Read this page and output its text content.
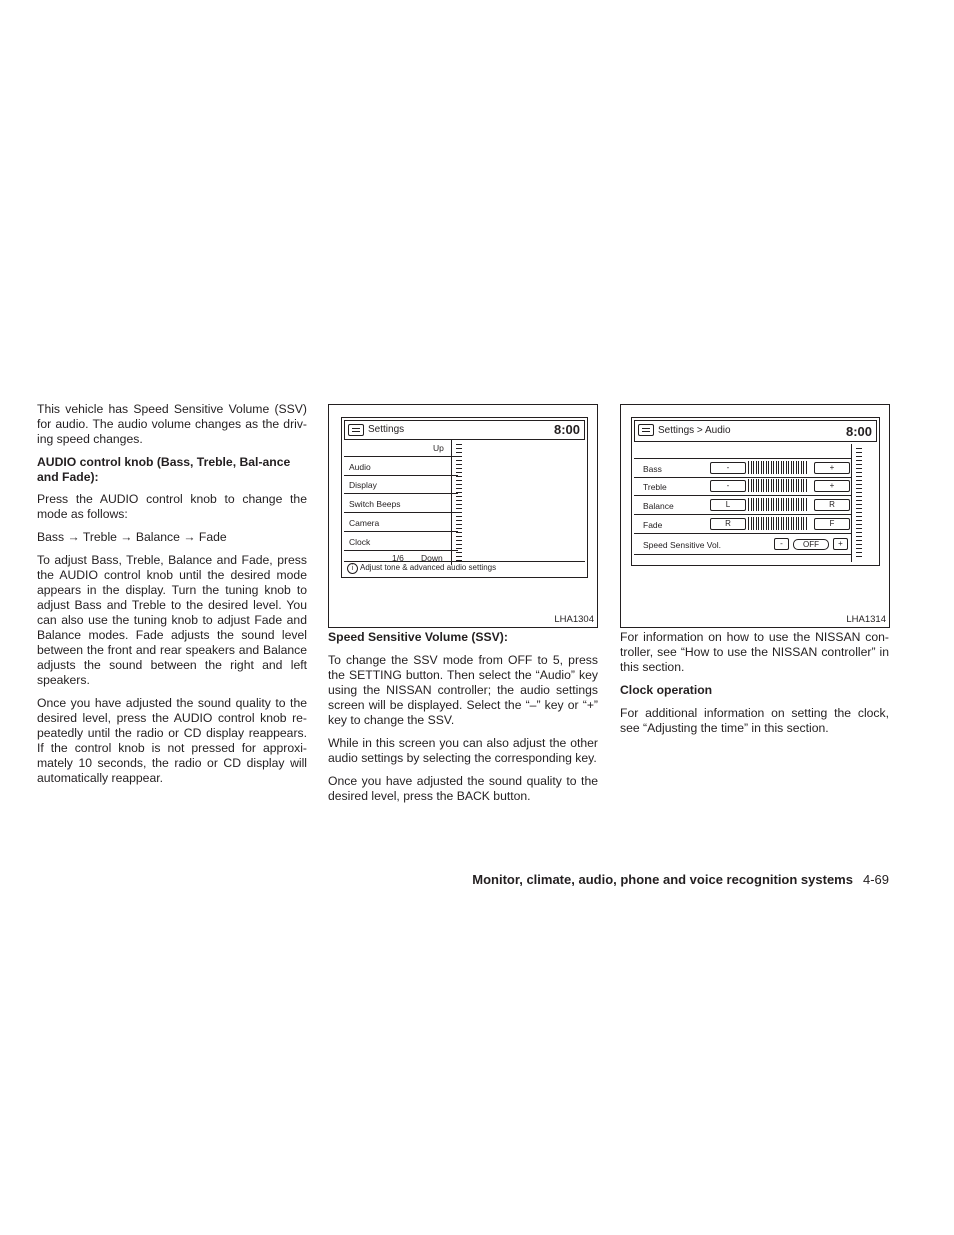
This vehicle has Speed Sensitive Volume (SSV) for audio. The audio volume changes as the driv-ing speed changes.

AUDIO control knob (Bass, Treble, Bal-ance and Fade):

Press the AUDIO control knob to change the mode as follows:

Bass → Treble → Balance → Fade

To adjust Bass, Treble, Balance and Fade, press the AUDIO control knob until the desired mode appears in the display. Turn the tuning knob to adjust Bass and Treble to the desired level. You can also use the tuning knob to adjust Fade and Balance modes. Fade adjusts the sound level between the front and rear speakers and Balance adjusts the sound between the right and left speakers.

Once you have adjusted the sound quality to the desired level, press the AUDIO control knob re-peatedly until the radio or CD display reappears. If the control knob is not pressed for approxi-mately 10 seconds, the radio or CD display will automatically reappear.

Settings	8:00
Up
Audio
Display
Switch Beeps
Camera
Clock
1/6 Down
i Adjust tone & advanced audio settings
LHA1304
Settings > Audio	8:00
Bass	-	+
Treble	-	+
Balance	L	R
Fade	R	F
Speed Sensitive Vol.	-	OFF	+
LHA1314
Speed Sensitive Volume (SSV):

To change the SSV mode from OFF to 5, press the SETTING button. Then select the “Audio” key using the NISSAN controller; the audio settings screen will be displayed. Select the “–” key or “+” key to change the SSV.

While in this screen you can also adjust the other audio settings by selecting the corresponding key.

Once you have adjusted the sound quality to the desired level, press the BACK button.

For information on how to use the NISSAN con-troller, see “How to use the NISSAN controller” in this section.

Clock operation

For additional information on setting the clock, see “Adjusting the time” in this section.

Monitor, climate, audio, phone and voice recognition systems 4-69
